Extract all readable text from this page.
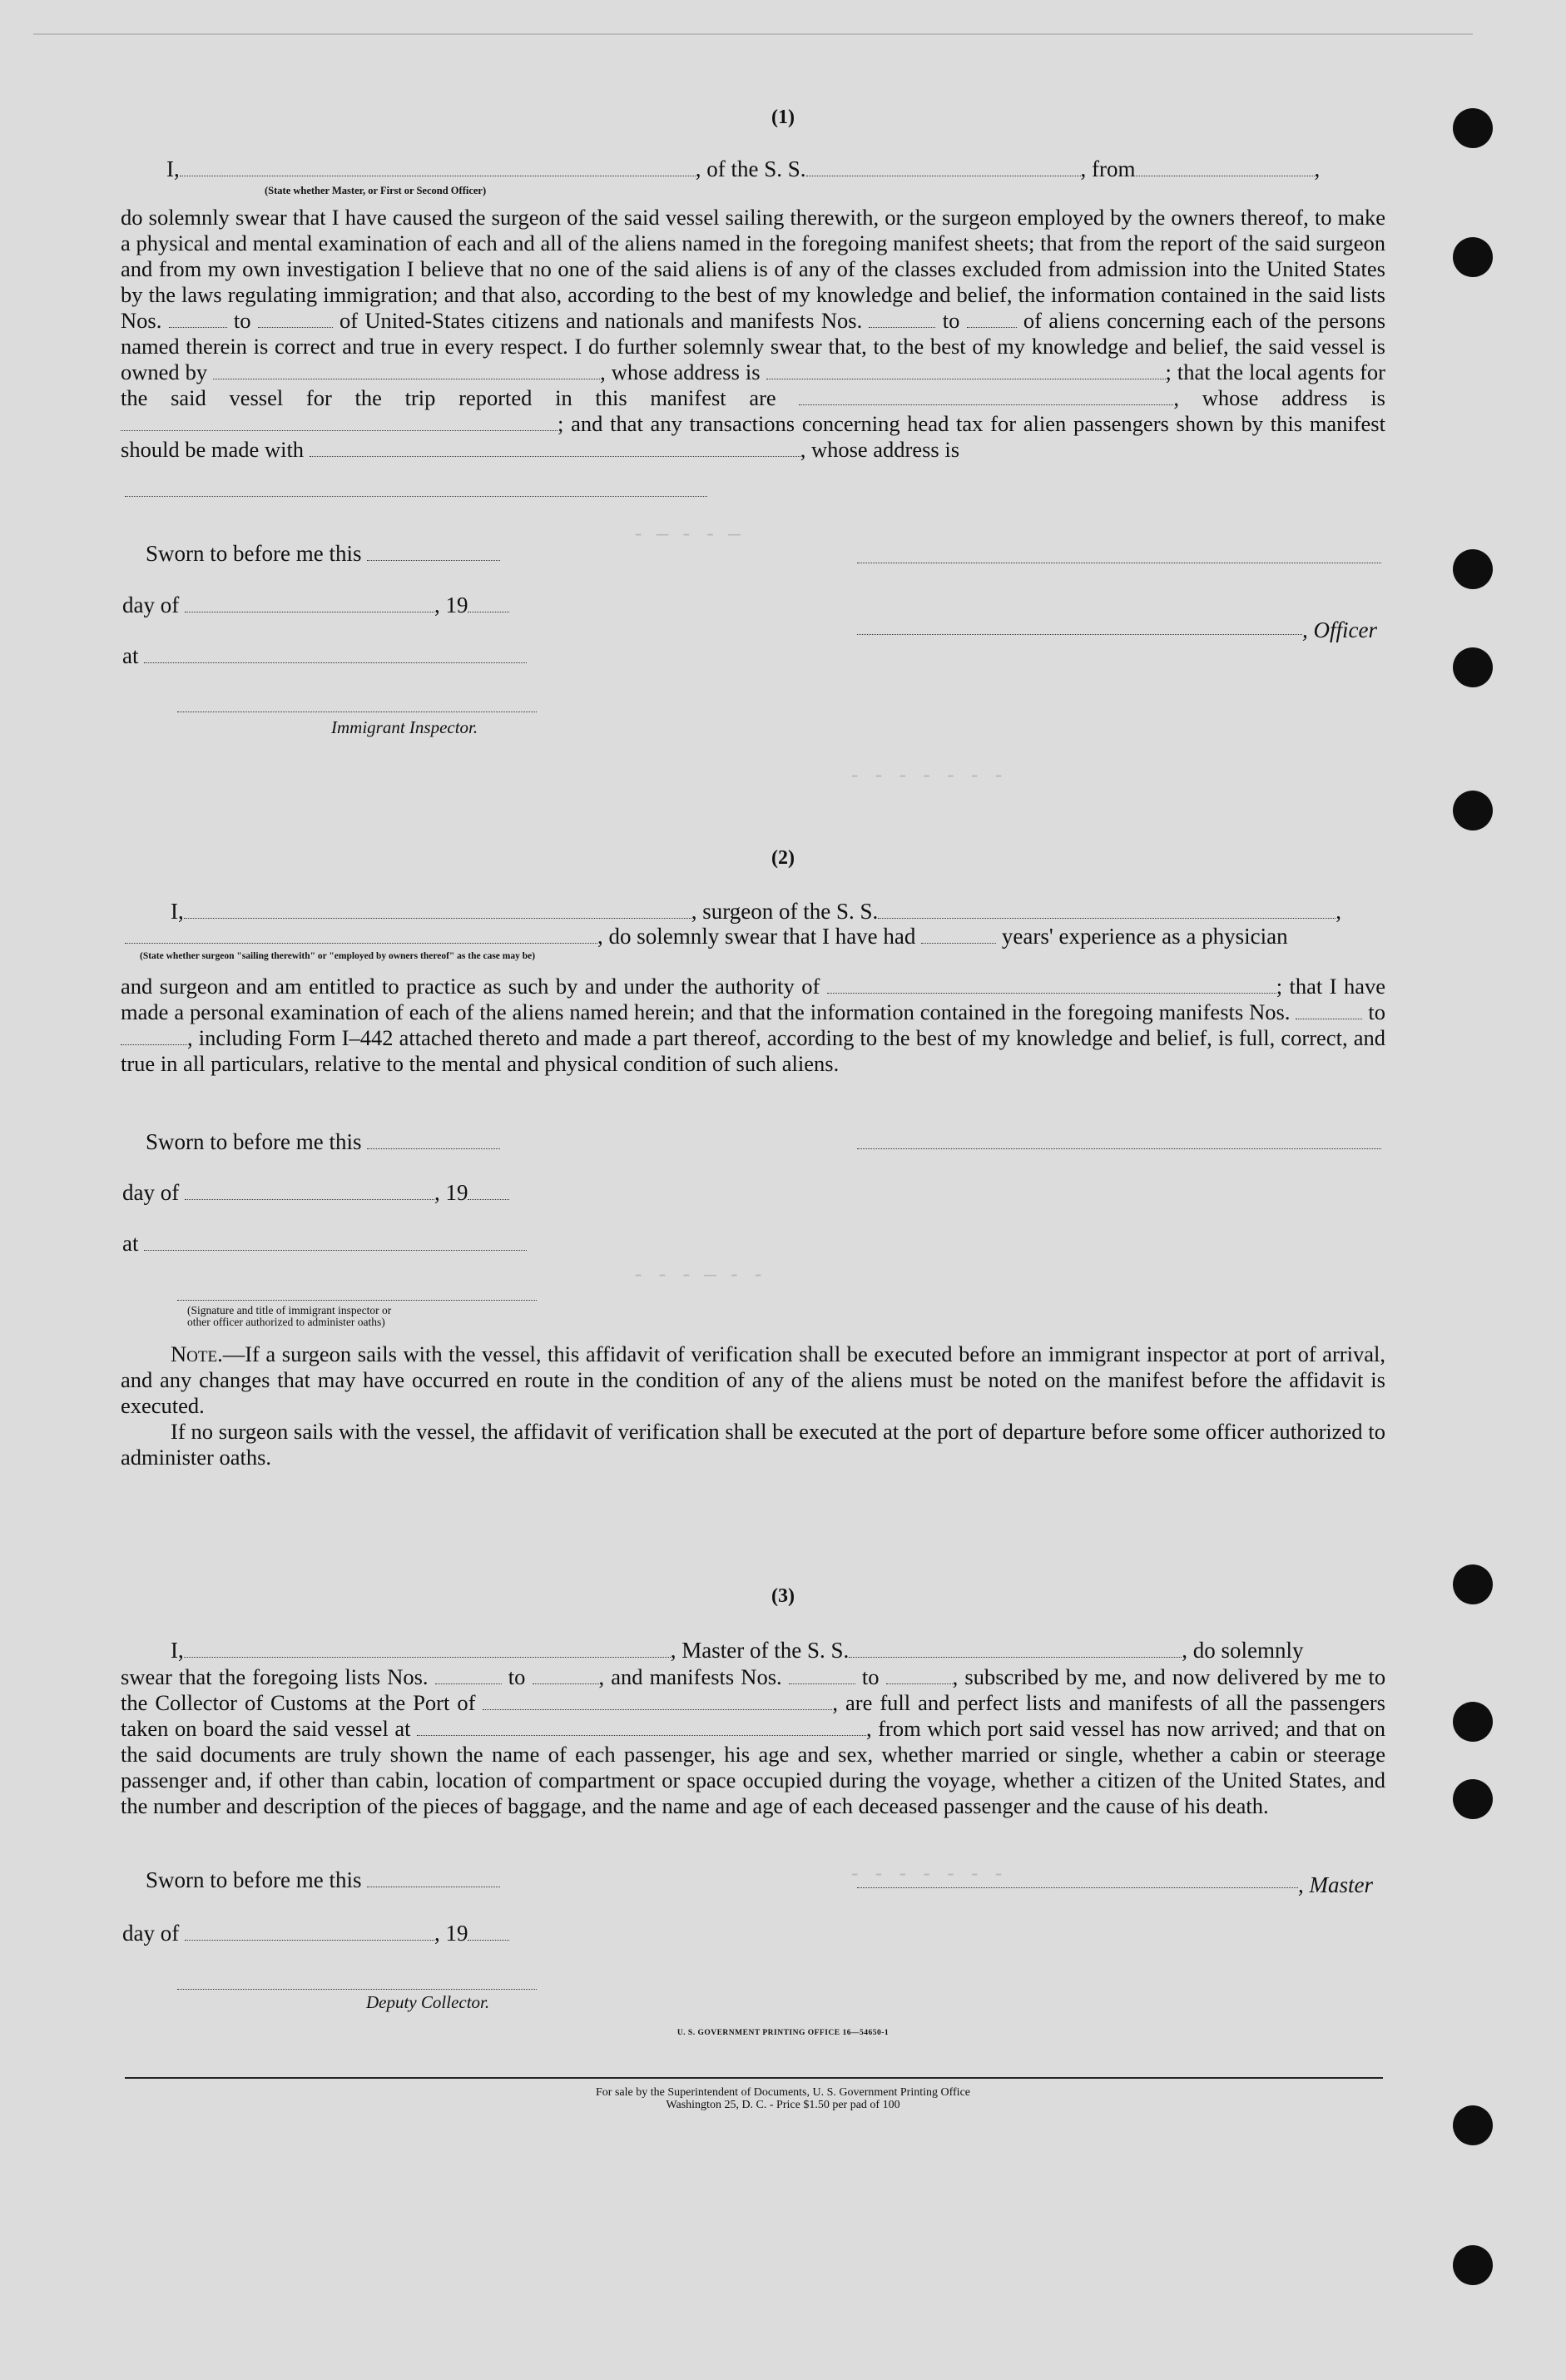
- — - - —
- - - - - - -
- - - — - -
- - - - - - -
(1)
I,	, of the S. S.	, from	,
(State whether Master, or First or Second Officer)

do solemnly swear that I have caused the surgeon of the said vessel sailing therewith, or the surgeon employed by the owners thereof, to make a physical and mental examination of each and all of the aliens named in the foregoing manifest sheets; that from the report of the said surgeon and from my own investigation I believe that no one of the said aliens is of any of the classes excluded from admission into the United States by the laws regulating immigration; and that also, according to the best of my knowledge and belief, the information contained in the said lists Nos.	to	of United-States citizens and nationals and manifests Nos.	to	of aliens concerning each of the persons named therein is correct and true in every respect. I do further solemnly swear that, to the best of my knowledge and belief, the said vessel is owned by	, whose address is	; that the local agents for the said vessel for the trip reported in this manifest are	, whose address is ; and that any transactions concerning head tax for alien passengers shown by this manifest should be made with	, whose address is

Sworn to before me this
day of	, 19
at
Immigrant Inspector.
, Officer
(2)
I,	, surgeon of the S. S.	,
, do solemnly swear that I have had	years' experience as a physician
(State whether surgeon "sailing therewith" or "employed by owners thereof" as the case may be)

and surgeon and am entitled to practice as such by and under the authority of	; that I have made a personal examination of each of the aliens named herein; and that the information contained in the foregoing manifests Nos.	to , including Form I–442 attached thereto and made a part thereof, according to the best of my knowledge and belief, is full, correct, and true in all particulars, relative to the mental and physical condition of such aliens.

Sworn to before me this
day of	, 19
at
(Signature and title of immigrant inspector or
other officer authorized to administer oaths)

Note.—If a surgeon sails with the vessel, this affidavit of verification shall be executed before an immigrant inspector at port of arrival, and any changes that may have occurred en route in the condition of any of the aliens must be noted on the manifest before the affidavit is executed.

If no surgeon sails with the vessel, the affidavit of verification shall be executed at the port of departure before some officer authorized to administer oaths.

(3)
I,	, Master of the S. S.	, do solemnly

swear that the foregoing lists Nos.	to	, and manifests Nos.	to	, subscribed by me, and now delivered by me to the Collector of Customs at the Port of	, are full and perfect lists and manifests of all the passengers taken on board the said vessel at	, from which port said vessel has now arrived; and that on the said documents are truly shown the name of each passenger, his age and sex, whether married or single, whether a cabin or steerage passenger and, if other than cabin, location of compartment or space occupied during the voyage, whether a citizen of the United States, and the number and description of the pieces of baggage, and the name and age of each deceased passenger and the cause of his death.

Sworn to before me this
day of	, 19
Deputy Collector.
, Master
U. S. GOVERNMENT PRINTING OFFICE 16—54650-1
For sale by the Superintendent of Documents, U. S. Government Printing Office
Washington 25, D. C. - Price $1.50 per pad of 100
